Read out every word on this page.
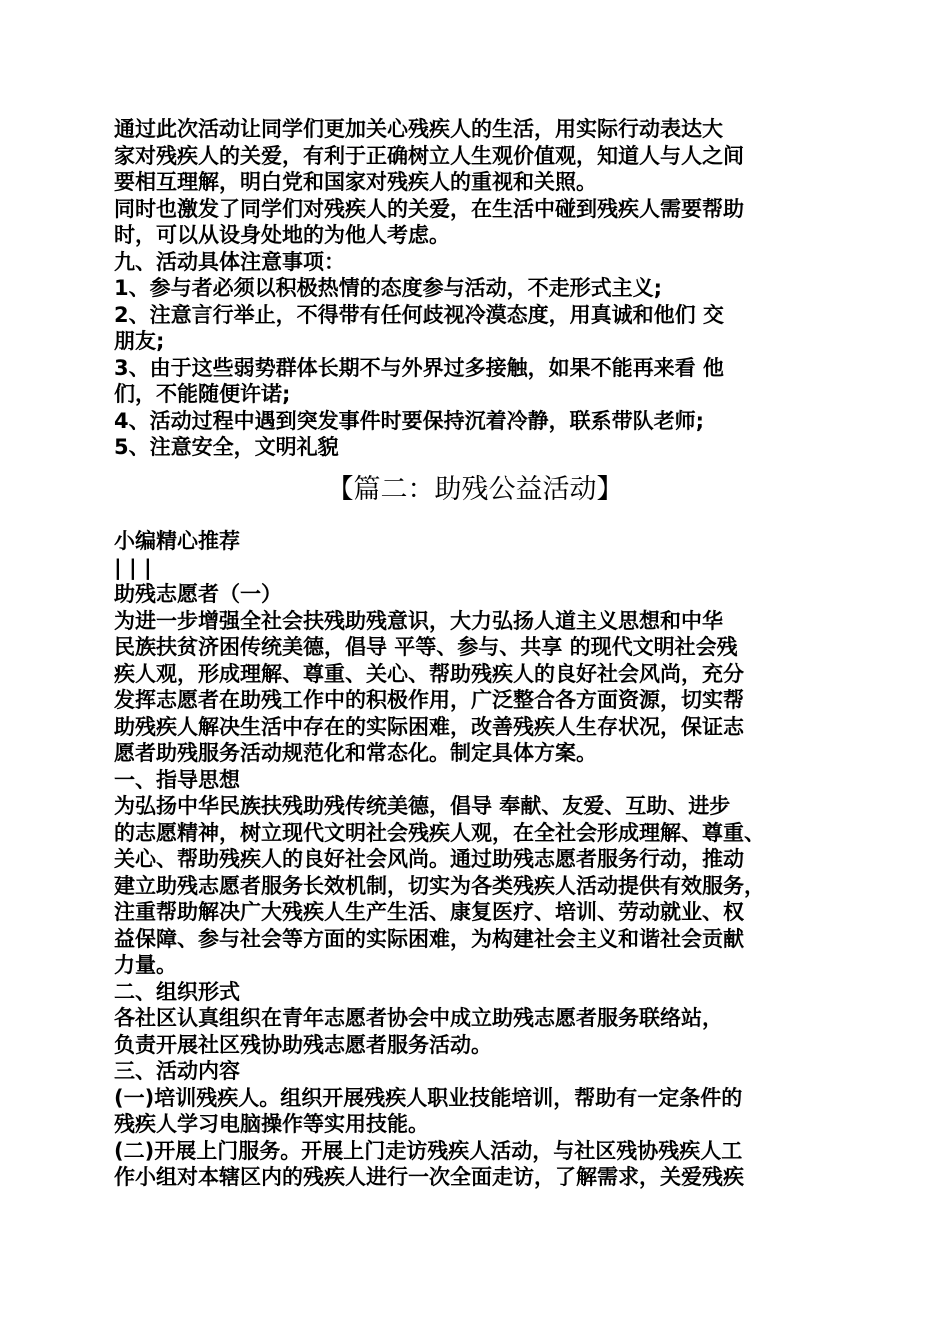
通过此次活动让同学们更加关心残疾人的生活，用实际行动表达大
家对残疾人的关爱，有利于正确树立人生观价值观，知道人与人之间
要相互理解，明白党和国家对残疾人的重视和关照。
同时也激发了同学们对残疾人的关爱，在生活中碰到残疾人需要帮助
时，可以从设身处地的为他人考虑。
九、活动具体注意事项：
1、参与者必须以积极热情的态度参与活动，不走形式主义;
2、注意言行举止，不得带有任何歧视冷漠态度，用真诚和他们 交
朋友;
3、由于这些弱势群体长期不与外界过多接触，如果不能再来看 他
们，不能随便许诺;
4、活动过程中遇到突发事件时要保持沉着冷静，联系带队老师;
5、注意安全，文明礼貌
【篇二：助残公益活动】
小编精心推荐
| | |
助残志愿者（一）
为进一步增强全社会扶残助残意识，大力弘扬人道主义思想和中华
民族扶贫济困传统美德，倡导 平等、参与、共享 的现代文明社会残
疾人观，形成理解、尊重、关心、帮助残疾人的良好社会风尚，充分
发挥志愿者在助残工作中的积极作用，广泛整合各方面资源，切实帮
助残疾人解决生活中存在的实际困难，改善残疾人生存状况，保证志
愿者助残服务活动规范化和常态化。制定具体方案。
一、指导思想
为弘扬中华民族扶残助残传统美德，倡导 奉献、友爱、互助、进步
的志愿精神，树立现代文明社会残疾人观，在全社会形成理解、尊重、
关心、帮助残疾人的良好社会风尚。通过助残志愿者服务行动，推动
建立助残志愿者服务长效机制，切实为各类残疾人活动提供有效服务，
注重帮助解决广大残疾人生产生活、康复医疗、培训、劳动就业、权
益保障、参与社会等方面的实际困难，为构建社会主义和谐社会贡献
力量。
二、组织形式
各社区认真组织在青年志愿者协会中成立助残志愿者服务联络站，
负责开展社区残协助残志愿者服务活动。
三、活动内容
(一)培训残疾人。组织开展残疾人职业技能培训，帮助有一定条件的
残疾人学习电脑操作等实用技能。
(二)开展上门服务。开展上门走访残疾人活动，与社区残协残疾人工
作小组对本辖区内的残疾人进行一次全面走访，了解需求，关爱残疾
